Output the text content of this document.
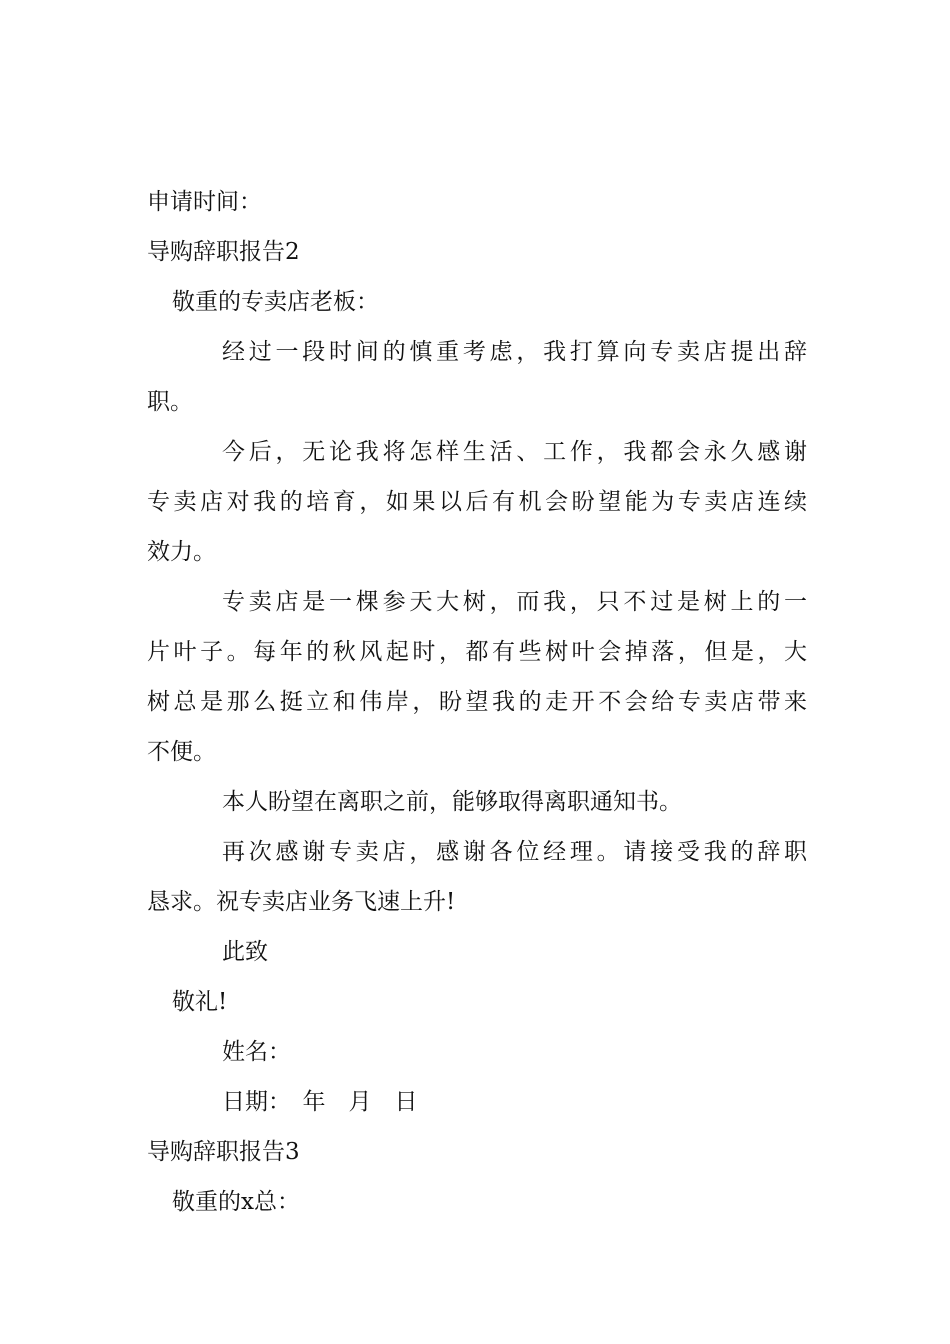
申请时间：
导购辞职报告2
敬重的专卖店老板：
经过一段时间的慎重考虑，我打算向专卖店提出辞
职。
今后，无论我将怎样生活、工作，我都会永久感谢
专卖店对我的培育，如果以后有机会盼望能为专卖店连续
效力。
专卖店是一棵参天大树，而我，只不过是树上的一
片叶子。每年的秋风起时，都有些树叶会掉落，但是，大
树总是那么挺立和伟岸，盼望我的走开不会给专卖店带来
不便。
本人盼望在离职之前，能够取得离职通知书。
再次感谢专卖店，感谢各位经理。请接受我的辞职
恳求。祝专卖店业务飞速上升!
此致
敬礼!
姓名：
日期：　年　月　日
导购辞职报告3
敬重的x总：
